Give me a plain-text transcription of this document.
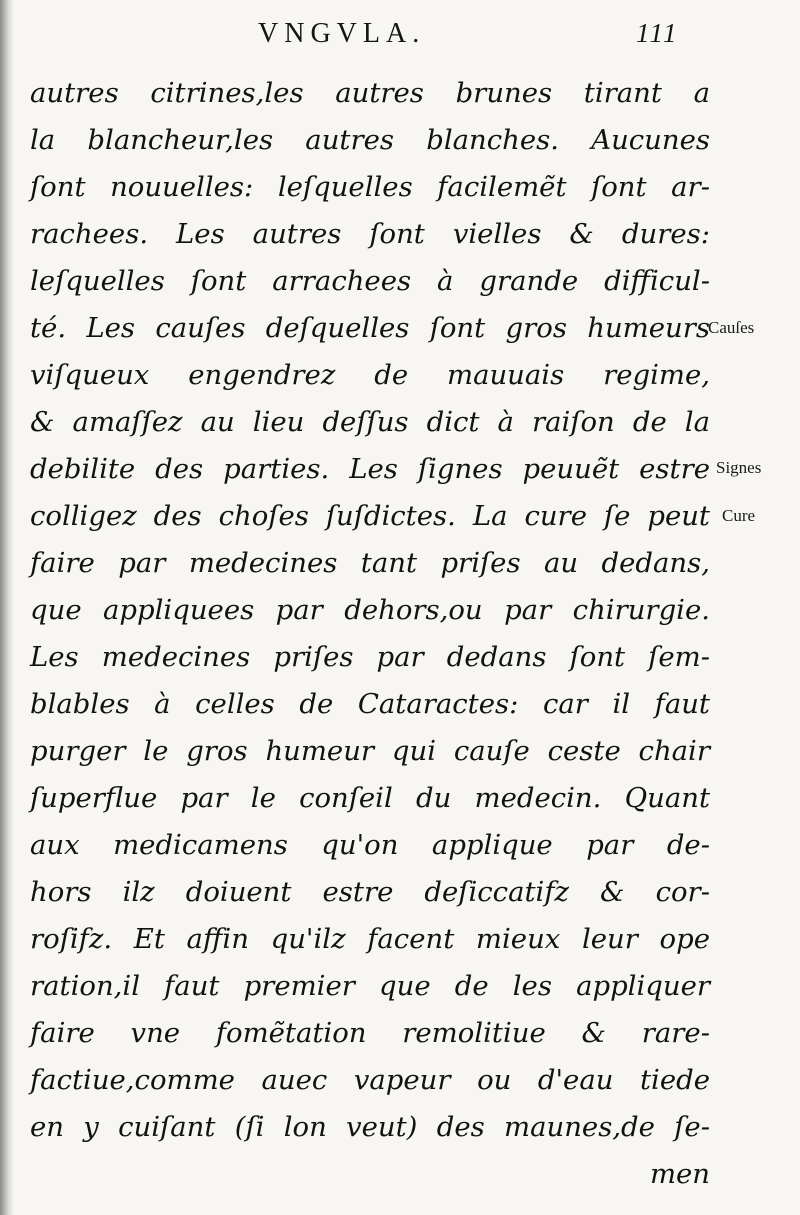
VNGVLA.	111
autres citrines,les autres brunes tirant a
la blancheur,les autres blanches. Aucunes
ſont nouuelles: leſquelles facilemẽt ſont ar-
rachees. Les autres ſont vielles & dures:
leſquelles ſont arrachees à grande difficul-
té. Les cauſes deſquelles ſont gros humeurs
viſqueux engendrez de mauuais regime,
& amaſſez au lieu deſſus dict à raiſon de la
debilite des parties. Les ſignes peuuẽt estre
colligez des choſes ſuſdictes. La cure ſe peut
faire par medecines tant priſes au dedans,
que appliquees par dehors,ou par chirurgie.
Les medecines priſes par dedans ſont ſem-
blables à celles de Cataractes: car il faut
purger le gros humeur qui cauſe ceste chair
ſuperflue par le conſeil du medecin. Quant
aux medicamens qu'on applique par de-
hors ilz doiuent estre deſiccatifz & cor-
roſifz. Et affin qu'ilz facent mieux leur ope
ration,il faut premier que de les appliquer
faire vne fomẽtation remolitiue & rare-
factiue,comme auec vapeur ou d'eau tiede
en y cuiſant (ſi lon veut) des maunes,de ſe-
men
Cauſes
Signes
Cure
